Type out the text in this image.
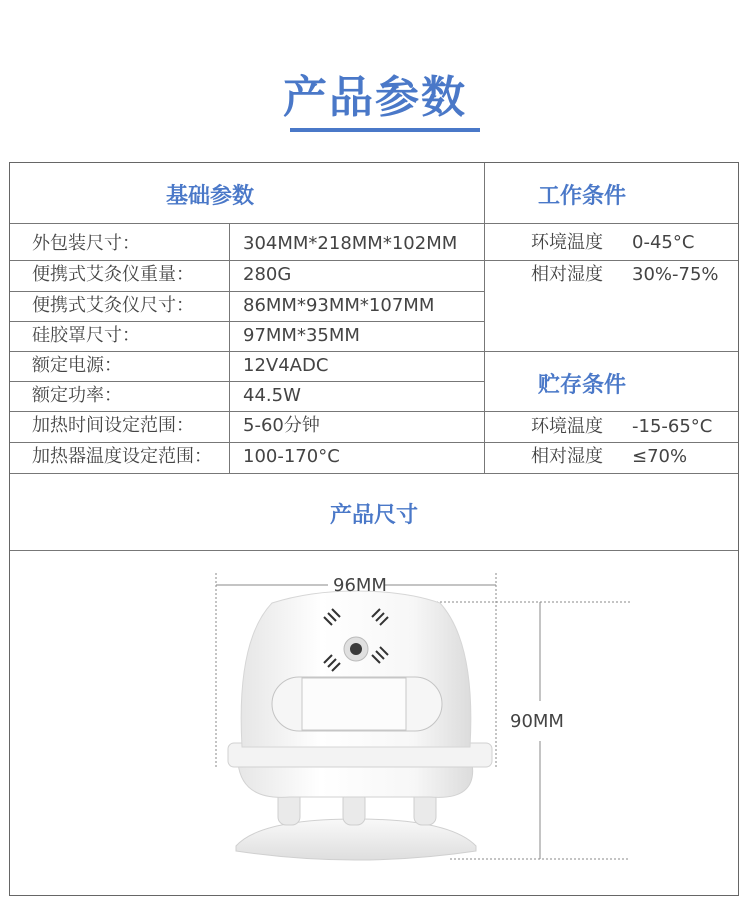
产品参数
基础参数	工作条件
贮存条件
产品尺寸
外包装尺寸：	304MM*218MM*102MM
便携式艾灸仪重量：	280G
便携式艾灸仪尺寸：	86MM*93MM*107MM
硅胶罩尺寸：	97MM*35MM
额定电源：	12V4ADC
额定功率：	44.5W
加热时间设定范围：	5-60分钟
加热器温度设定范围： 100-170°C
环境温度 0-45°C
相对湿度 30%-75%
环境温度 -15-65°C
相对湿度 ≤70%
96MM
90MM
